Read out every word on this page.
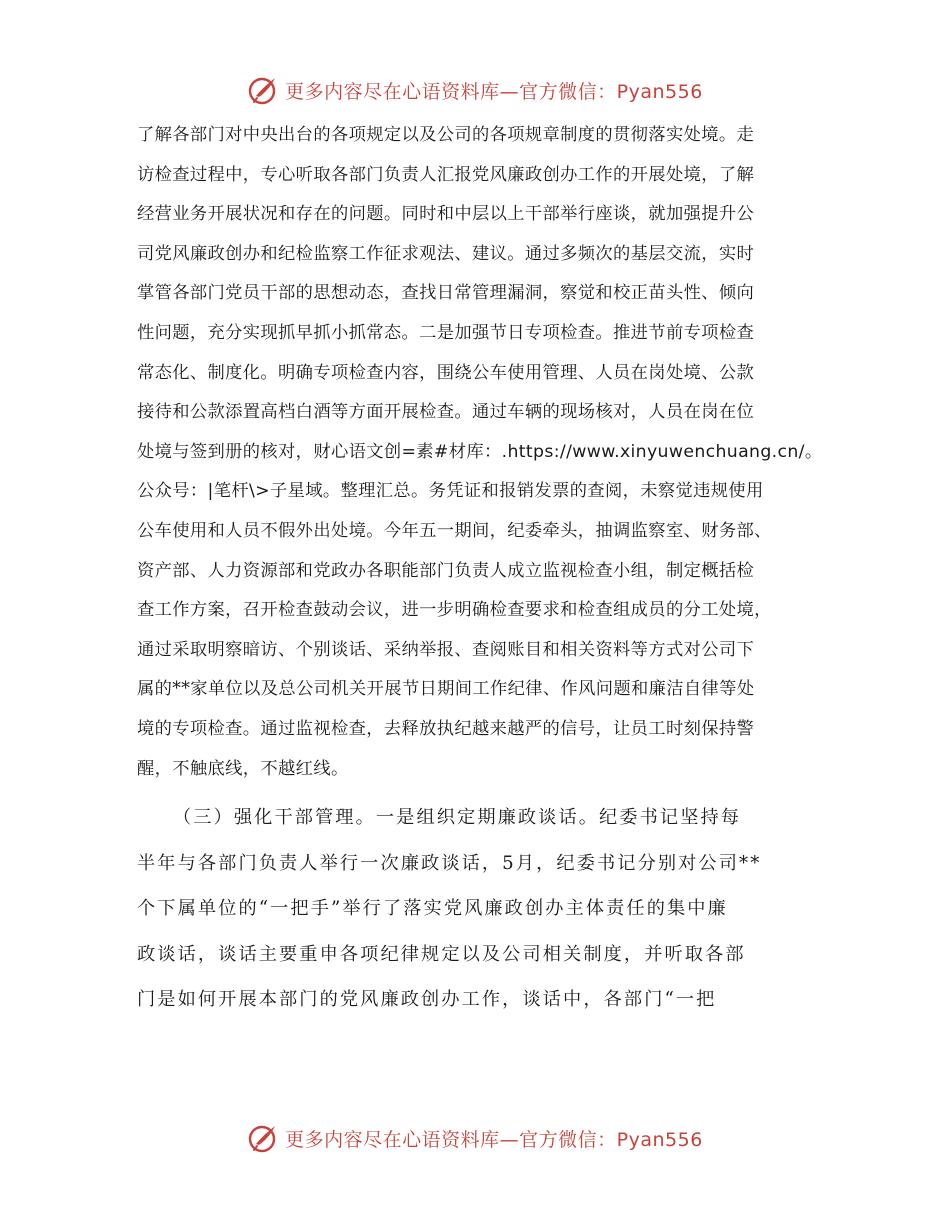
更多内容尽在心语资料库—官方微信：Pyan556
了解各部门对中央出台的各项规定以及公司的各项规章制度的贯彻落实处境。走
访检查过程中，专心听取各部门负责人汇报党风廉政创办工作的开展处境，了解
经营业务开展状况和存在的问题。同时和中层以上干部举行座谈，就加强提升公
司党风廉政创办和纪检监察工作征求观法、建议。通过多频次的基层交流，实时
掌管各部门党员干部的思想动态，查找日常管理漏洞，察觉和校正苗头性、倾向
性问题，充分实现抓早抓小抓常态。二是加强节日专项检查。推进节前专项检查
常态化、制度化。明确专项检查内容，围绕公车使用管理、人员在岗处境、公款
接待和公款添置高档白酒等方面开展检查。通过车辆的现场核对，人员在岗在位
处境与签到册的核对，财心语文创=素#材库：.https://www.xinyuwenchuang.cn/。
公众号：|笔杆\>子星域。整理汇总。务凭证和报销发票的查阅，未察觉违规使用
公车使用和人员不假外出处境。今年五一期间，纪委牵头，抽调监察室、财务部、
资产部、人力资源部和党政办各职能部门负责人成立监视检查小组，制定概括检
查工作方案，召开检查鼓动会议，进一步明确检查要求和检查组成员的分工处境，
通过采取明察暗访、个别谈话、采纳举报、查阅账目和相关资料等方式对公司下
属的**家单位以及总公司机关开展节日期间工作纪律、作风问题和廉洁自律等处
境的专项检查。通过监视检查，去释放执纪越来越严的信号，让员工时刻保持警
醒，不触底线，不越红线。
（三）强化干部管理。一是组织定期廉政谈话。纪委书记坚持每
半年与各部门负责人举行一次廉政谈话，5月，纪委书记分别对公司**
个下属单位的“一把手”举行了落实党风廉政创办主体责任的集中廉
政谈话，谈话主要重申各项纪律规定以及公司相关制度，并听取各部
门是如何开展本部门的党风廉政创办工作，谈话中，各部门“一把
更多内容尽在心语资料库—官方微信：Pyan556
